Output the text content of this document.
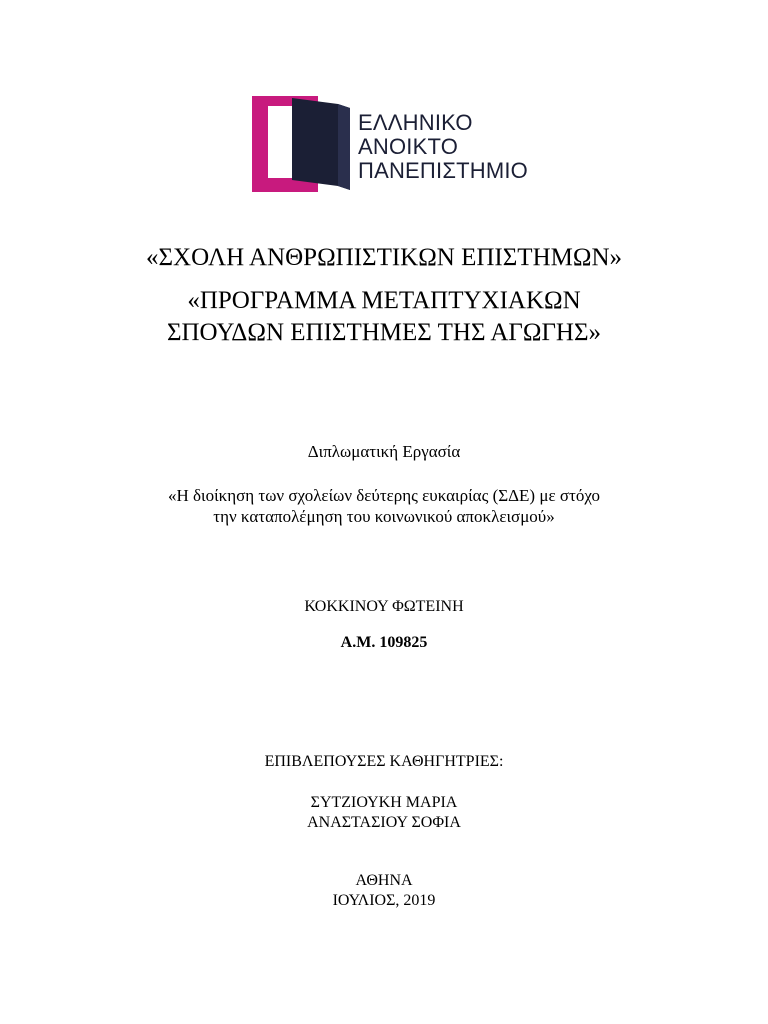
ΕΛΛΗΝΙΚΟ
ΑΝΟΙΚΤΟ
ΠΑΝΕΠΙΣΤΗΜΙΟ
«ΣΧΟΛΗ ΑΝΘΡΩΠΙΣΤΙΚΩΝ ΕΠΙΣΤΗΜΩΝ»
«ΠΡΟΓΡΑΜΜΑ ΜΕΤΑΠΤΥΧΙΑΚΩΝ
ΣΠΟΥΔΩΝ ΕΠΙΣΤΗΜΕΣ ΤΗΣ ΑΓΩΓΗΣ»
Διπλωματική Εργασία
«Η διοίκηση των σχολείων δεύτερης ευκαιρίας (ΣΔΕ) με στόχο
την καταπολέμηση του κοινωνικού αποκλεισμού»
ΚΟΚΚΙΝΟΥ ΦΩΤΕΙΝΗ
Α.Μ. 109825
ΕΠΙΒΛΕΠΟΥΣΕΣ ΚΑΘΗΓΗΤΡΙΕΣ:
ΣΥΤΖΙΟΥΚΗ ΜΑΡΙΑ
ΑΝΑΣΤΑΣΙΟΥ ΣΟΦΙΑ
ΑΘΗΝΑ
ΙΟΥΛΙΟΣ, 2019
